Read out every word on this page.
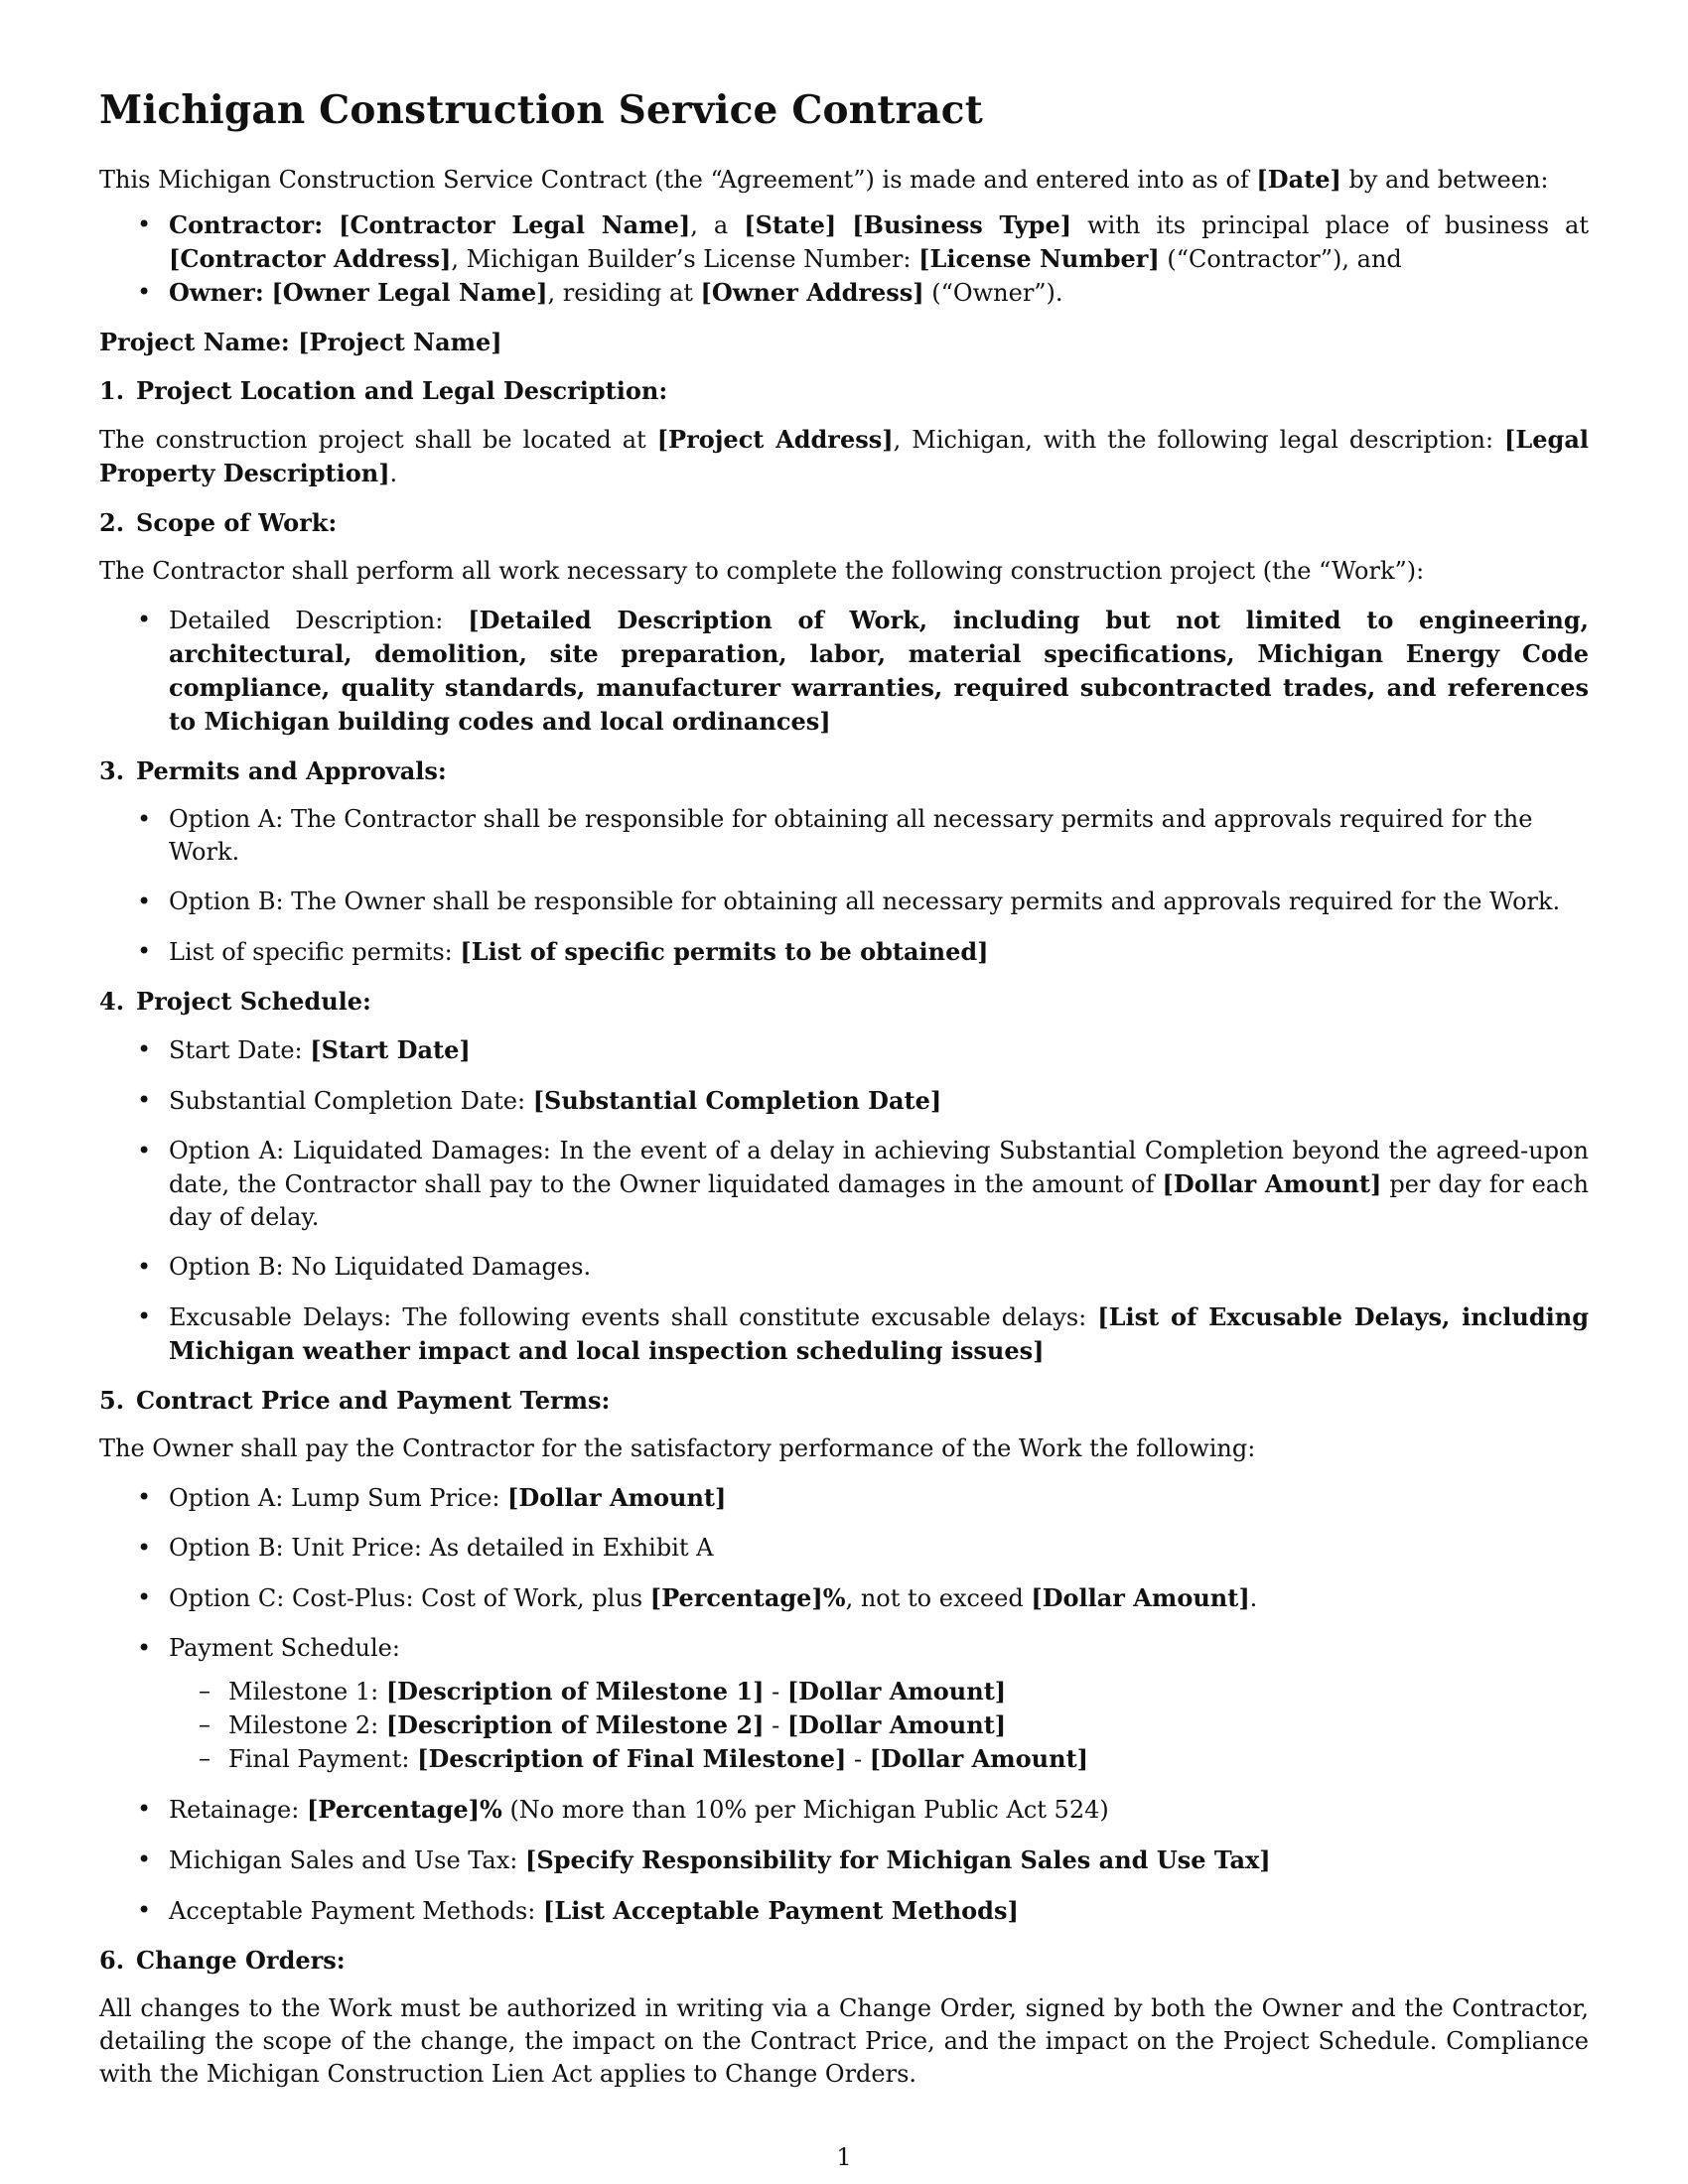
Michigan Construction Service Contract

This Michigan Construction Service Contract (the “Agreement”) is made and entered into as of [Date] by and between:

• Contractor: [Contractor Legal Name], a [State] [Business Type] with its principal place of business at [Contractor Address], Michigan Builder’s License Number: [License Number] (“Contractor”), and
• Owner: [Owner Legal Name], residing at [Owner Address] (“Owner”).

Project Name: [Project Name]

1. Project Location and Legal Description:

The construction project shall be located at [Project Address], Michigan, with the following legal description: [Legal Property Description].

2. Scope of Work:

The Contractor shall perform all work necessary to complete the following construction project (the “Work”):

• Detailed Description: [Detailed Description of Work, including but not limited to engineering, architectural, demolition, site preparation, labor, material specifications, Michigan Energy Code compliance, quality standards, manufacturer warranties, required subcontracted trades, and references to Michigan building codes and local ordinances]

3. Permits and Approvals:

• Option A: The Contractor shall be responsible for obtaining all necessary permits and approvals required for the Work.
• Option B: The Owner shall be responsible for obtaining all necessary permits and approvals required for the Work.
• List of specific permits: [List of specific permits to be obtained]

4. Project Schedule:

• Start Date: [Start Date]
• Substantial Completion Date: [Substantial Completion Date]
• Option A: Liquidated Damages: In the event of a delay in achieving Substantial Completion beyond the agreed-upon date, the Contractor shall pay to the Owner liquidated damages in the amount of [Dollar Amount] per day for each day of delay.
• Option B: No Liquidated Damages.
• Excusable Delays: The following events shall constitute excusable delays: [List of Excusable Delays, including Michigan weather impact and local inspection scheduling issues]

5. Contract Price and Payment Terms:

The Owner shall pay the Contractor for the satisfactory performance of the Work the following:

• Option A: Lump Sum Price: [Dollar Amount]
• Option B: Unit Price: As detailed in Exhibit A
• Option C: Cost-Plus: Cost of Work, plus [Percentage]%, not to exceed [Dollar Amount].
• Payment Schedule:
– Milestone 1: [Description of Milestone 1] - [Dollar Amount]
– Milestone 2: [Description of Milestone 2] - [Dollar Amount]
– Final Payment: [Description of Final Milestone] - [Dollar Amount]
• Retainage: [Percentage]% (No more than 10% per Michigan Public Act 524)
• Michigan Sales and Use Tax: [Specify Responsibility for Michigan Sales and Use Tax]
• Acceptable Payment Methods: [List Acceptable Payment Methods]

6. Change Orders:

All changes to the Work must be authorized in writing via a Change Order, signed by both the Owner and the Contractor, detailing the scope of the change, the impact on the Contract Price, and the impact on the Project Schedule. Compliance with the Michigan Construction Lien Act applies to Change Orders.

1
